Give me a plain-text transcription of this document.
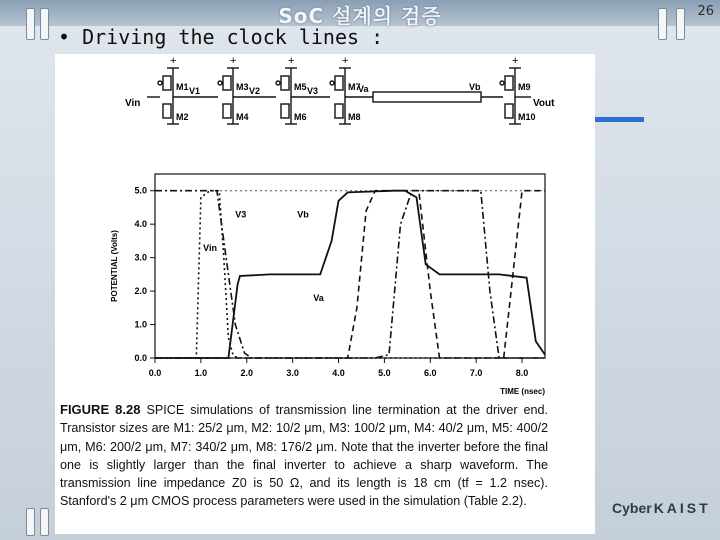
SoC 설계의 검증	26
• Driving the clock lines :
+
M1
M2
+
M3
M4
+
M5
M6
+
M7
M8
+
M9
M10
V1	V2	V3
Vin
Va	Vb
Vout
0.0	1.0	2.0	3.0	4.0	5.0	6.0	7.0	8.0
0.0
1.0
2.0
3.0
4.0
5.0
TIME (nsec)
POTENTIAL (Volts)	Vin
V3	Vb
Va
FIGURE 8.28 SPICE simulations of transmission line termination at the driver end. Transistor sizes are M1: 25/2 μm, M2: 10/2 μm, M3: 100/2 μm, M4: 40/2 μm, M5: 400/2 μm, M6: 200/2 μm, M7: 340/2 μm, M8: 176/2 μm. Note that the inverter before the final one is slightly larger than the final inverter to achieve a sharp waveform. The transmission line impedance Z0 is 50 Ω, and its length is 18 cm (tf = 1.2 nsec). Stanford's 2 μm CMOS process parameters were used in the simulation (Table 2.2).	Cyber KAIST
